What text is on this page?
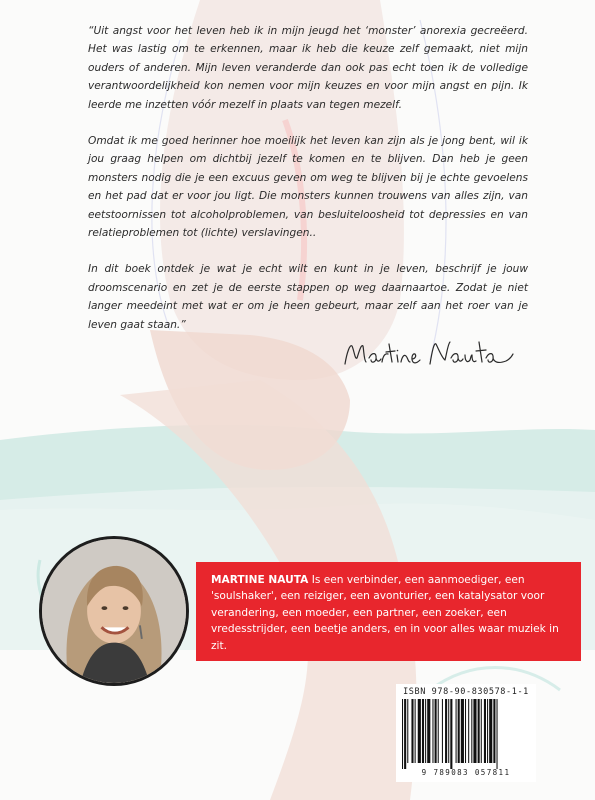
“Uit angst voor het leven heb ik in mijn jeugd het ‘monster’ anorexia gecreëerd. Het was lastig om te erkennen, maar ik heb die keuze zelf gemaakt, niet mijn ouders of anderen. Mijn leven veranderde dan ook pas echt toen ik de volledige verantwoordelijkheid kon nemen voor mijn keuzes en voor mijn angst en pijn. Ik leerde me inzetten vóór mezelf in plaats van tegen mezelf.

Omdat ik me goed herinner hoe moeilijk het leven kan zijn als je jong bent, wil ik jou graag helpen om dichtbij jezelf te komen en te blijven. Dan heb je geen monsters nodig die je een excuus geven om weg te blijven bij je echte gevoelens en het pad dat er voor jou ligt. Die monsters kunnen trouwens van alles zijn, van eetstoornissen tot alcoholproblemen, van besluiteloosheid tot depressies en van relatieproblemen tot (lichte) verslavingen..

In dit boek ontdek je wat je echt wilt en kunt in je leven, beschrijf je jouw droomscenario en zet je de eerste stappen op weg daarnaartoe. Zodat je niet langer meedeint met wat er om je heen gebeurt, maar zelf aan het roer van je leven gaat staan.”

MARTINE NAUTA Is een verbinder, een aanmoediger, een 'soulshaker', een reiziger, een avonturier, een katalysator voor verandering, een moeder, een partner, een zoeker, een vredesstrijder, een beetje anders, en in voor alles waar muziek in zit.
ISBN 978-90-830578-1-1
9 789083 057811
